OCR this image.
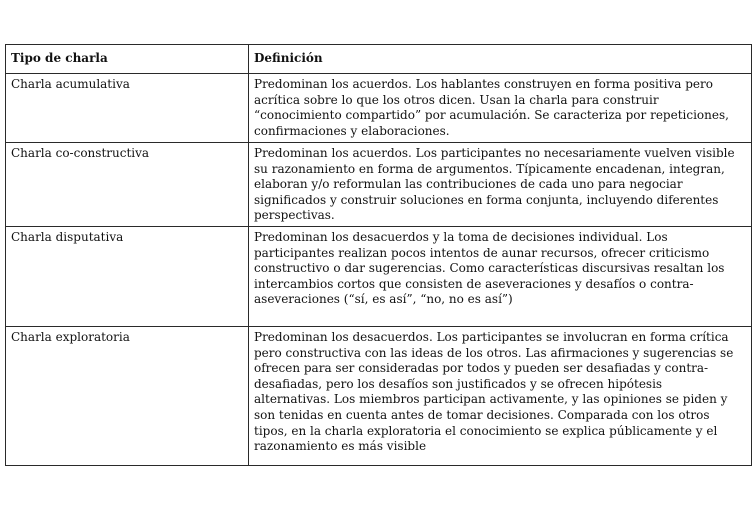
Tipo de charla	Definición
Charla acumulativa	Predominan los acuerdos. Los hablantes construyen en forma positiva pero acrítica sobre lo que los otros dicen. Usan la charla para construir “conocimiento compartido” por acumulación. Se caracteriza por repeticiones, confirmaciones y elaboraciones.
Charla co-constructiva	Predominan los acuerdos. Los participantes no necesariamente vuelven visible su razonamiento en forma de argumentos. Típicamente encadenan, integran, elaboran y/o reformulan las contribuciones de cada uno para negociar significados y construir soluciones en forma conjunta, incluyendo diferentes perspectivas.
Charla disputativa	Predominan los desacuerdos y la toma de decisiones individual. Los participantes realizan pocos intentos de aunar recursos, ofrecer criticismo constructivo o dar sugerencias. Como características discursivas resaltan los intercambios cortos que consisten de aseveraciones y desafíos o contra-aseveraciones (“sí, es así”, “no, no es así”)
Charla exploratoria	Predominan los desacuerdos. Los participantes se involucran en forma crítica pero constructiva con las ideas de los otros. Las afirmaciones y sugerencias se ofrecen para ser consideradas por todos y pueden ser desafiadas y contra-desafiadas, pero los desafíos son justificados y se ofrecen hipótesis alternativas. Los miembros participan activamente, y las opiniones se piden y son tenidas en cuenta antes de tomar decisiones. Comparada con los otros tipos, en la charla exploratoria el conocimiento se explica públicamente y el razonamiento es más visible
